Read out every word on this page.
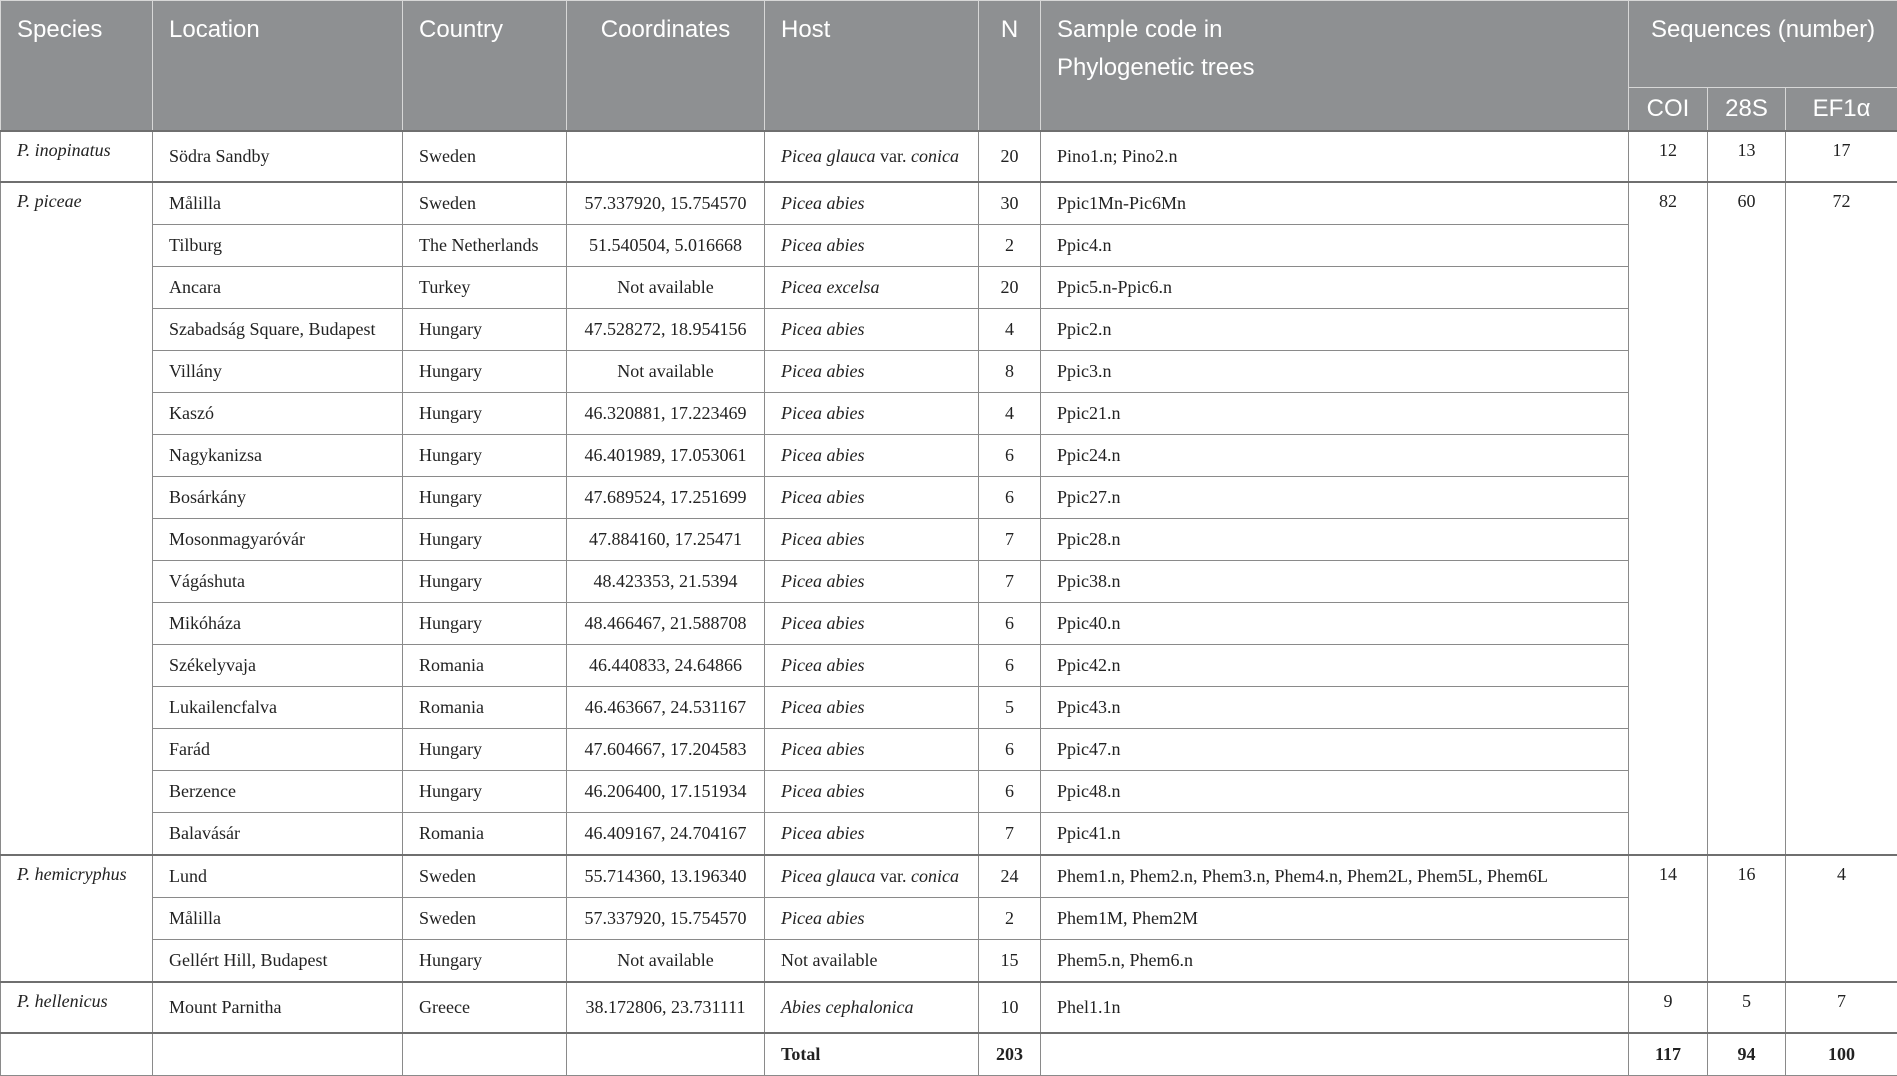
Species	Location	Country	Coordinates	Host	N	Sample code in Phylogenetic trees	Sequences (number)		
							COI	28S	EF1α
P. inopinatus	Södra Sandby	Sweden		Picea glauca var. conica	20	Pino1.n; Pino2.n	12	13	17
P. piceae	Målilla	Sweden	57.337920, 15.754570	Picea abies	30	Ppic1Mn-Pic6Mn	82	60	72
	Tilburg	The Netherlands	51.540504, 5.016668	Picea abies	2	Ppic4.n			
	Ancara	Turkey	Not available	Picea excelsa	20	Ppic5.n-Ppic6.n			
	Szabadság Square, Budapest	Hungary	47.528272, 18.954156	Picea abies	4	Ppic2.n			
	Villány	Hungary	Not available	Picea abies	8	Ppic3.n			
	Kaszó	Hungary	46.320881, 17.223469	Picea abies	4	Ppic21.n			
	Nagykanizsa	Hungary	46.401989, 17.053061	Picea abies	6	Ppic24.n			
	Bosárkány	Hungary	47.689524, 17.251699	Picea abies	6	Ppic27.n			
	Mosonmagyaróvár	Hungary	47.884160, 17.25471	Picea abies	7	Ppic28.n			
	Vágáshuta	Hungary	48.423353, 21.5394	Picea abies	7	Ppic38.n			
	Mikóháza	Hungary	48.466467, 21.588708	Picea abies	6	Ppic40.n			
	Székelyvaja	Romania	46.440833, 24.64866	Picea abies	6	Ppic42.n			
	Lukailencfalva	Romania	46.463667, 24.531167	Picea abies	5	Ppic43.n			
	Farád	Hungary	47.604667, 17.204583	Picea abies	6	Ppic47.n			
	Berzence	Hungary	46.206400, 17.151934	Picea abies	6	Ppic48.n			
	Balavásár	Romania	46.409167, 24.704167	Picea abies	7	Ppic41.n			
P. hemicryphus	Lund	Sweden	55.714360, 13.196340	Picea glauca var. conica	24	Phem1.n, Phem2.n, Phem3.n, Phem4.n, Phem2L, Phem5L, Phem6L	14	16	4
	Målilla	Sweden	57.337920, 15.754570	Picea abies	2	Phem1M, Phem2M			
	Gellért Hill, Budapest	Hungary	Not available	Not available	15	Phem5.n, Phem6.n			
P. hellenicus	Mount Parnitha	Greece	38.172806, 23.731111	Abies cephalonica	10	Phel1.1n	9	5	7
				Total	203		117	94	100
